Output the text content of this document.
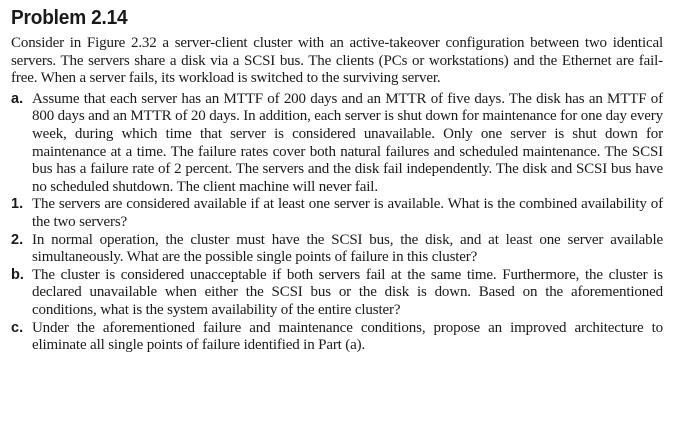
Problem 2.14

Consider in Figure 2.32 a server-client cluster with an active-takeover configuration between two identical servers. The servers share a disk via a SCSI bus. The clients (PCs or workstations) and the Ethernet are fail-free. When a server fails, its workload is switched to the surviving server.

a. Assume that each server has an MTTF of 200 days and an MTTR of five days. The disk has an MTTF of 800 days and an MTTR of 20 days. In addition, each server is shut down for maintenance for one day every week, during which time that server is considered unavailable. Only one server is shut down for maintenance at a time. The failure rates cover both natural failures and scheduled maintenance. The SCSI bus has a failure rate of 2 percent. The servers and the disk fail independently. The disk and SCSI bus have no scheduled shutdown. The client machine will never fail.
1. The servers are considered available if at least one server is available. What is the combined availability of the two servers?
2. In normal operation, the cluster must have the SCSI bus, the disk, and at least one server available simultaneously. What are the possible single points of failure in this cluster?
b. The cluster is considered unacceptable if both servers fail at the same time. Furthermore, the cluster is declared unavailable when either the SCSI bus or the disk is down. Based on the aforementioned conditions, what is the system availability of the entire cluster?
c. Under the aforementioned failure and maintenance conditions, propose an improved architecture to eliminate all single points of failure identified in Part (a).
